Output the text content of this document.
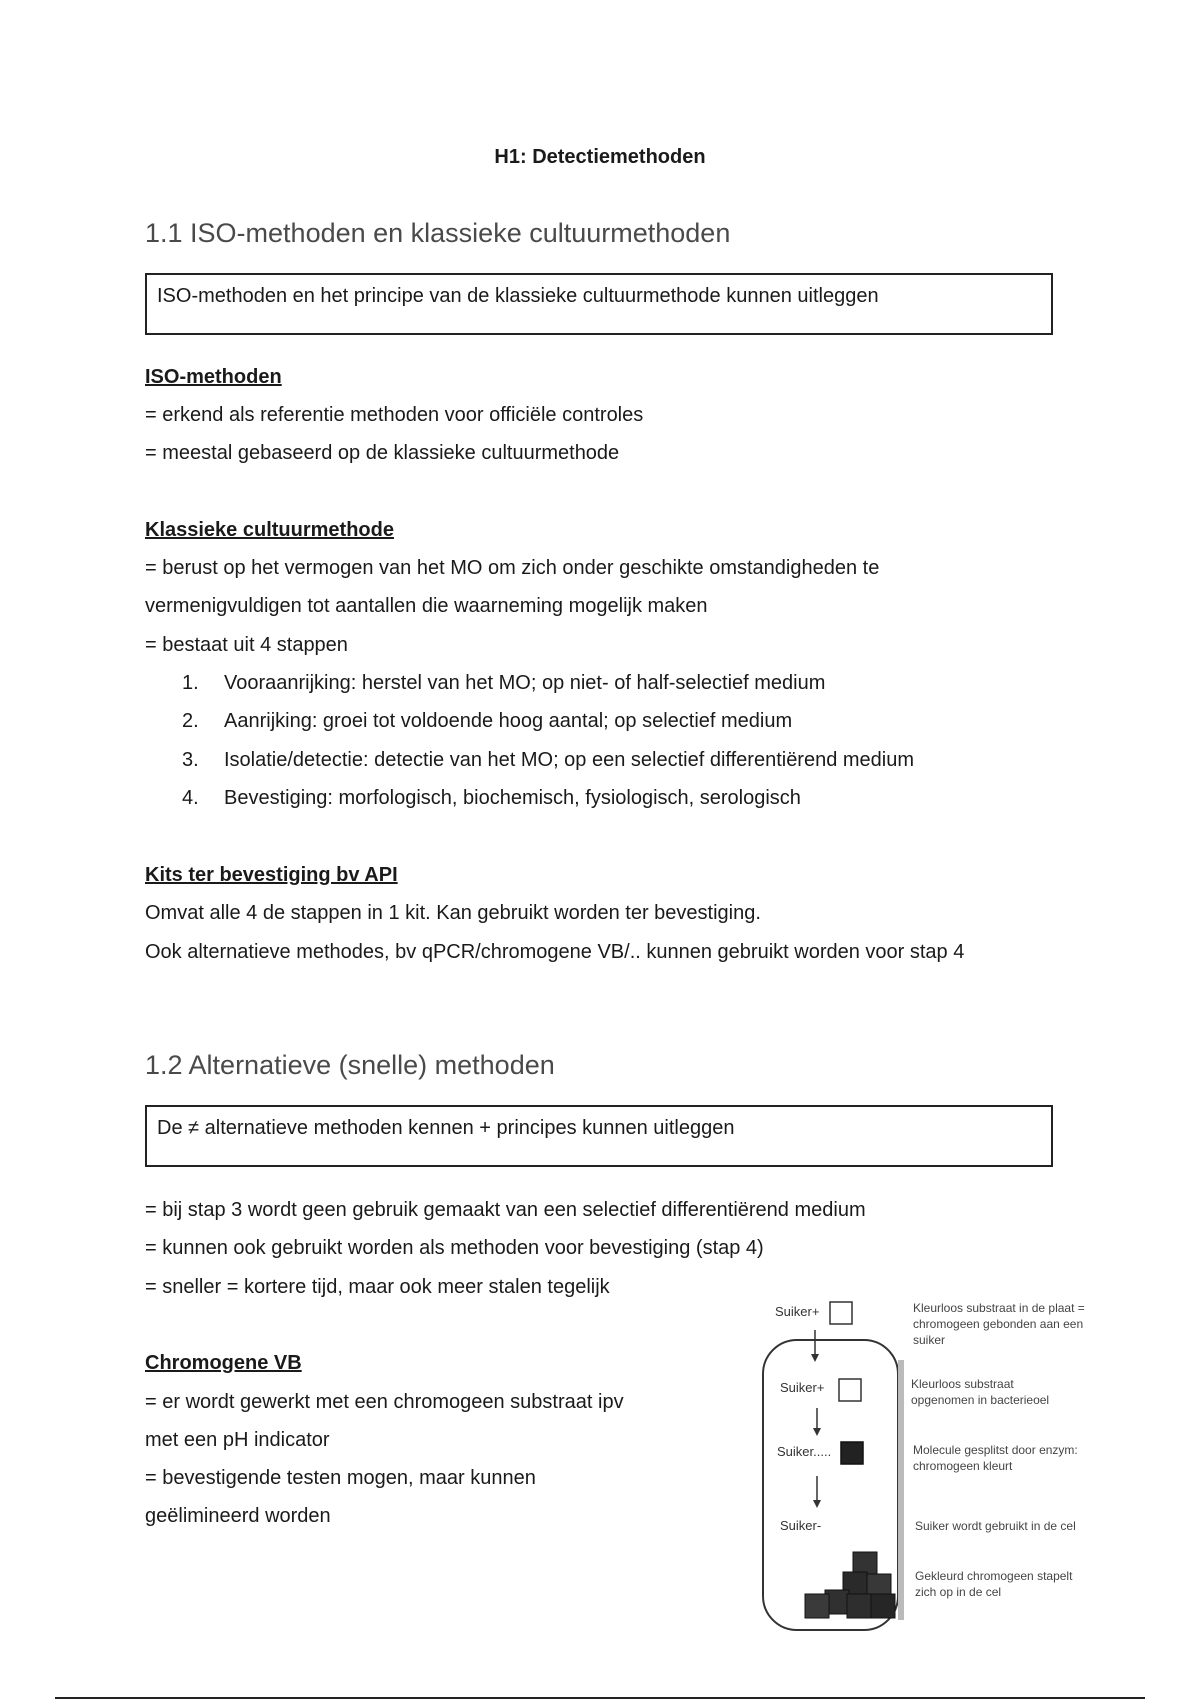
H1: Detectiemethoden
1.1 ISO-methoden en klassieke cultuurmethoden
ISO-methoden en het principe van de klassieke cultuurmethode kunnen uitleggen
ISO-methoden
= erkend als referentie methoden voor officiële controles
= meestal gebaseerd op de klassieke cultuurmethode
Klassieke cultuurmethode
= berust op het vermogen van het MO om zich onder geschikte omstandigheden te
vermenigvuldigen tot aantallen die waarneming mogelijk maken
= bestaat uit 4 stappen
1. Vooraanrijking: herstel van het MO; op niet- of half-selectief medium
2. Aanrijking: groei tot voldoende hoog aantal; op selectief medium
3. Isolatie/detectie: detectie van het MO; op een selectief differentiërend medium
4. Bevestiging: morfologisch, biochemisch, fysiologisch, serologisch
Kits ter bevestiging bv API
Omvat alle 4 de stappen in 1 kit. Kan gebruikt worden ter bevestiging.
Ook alternatieve methodes, bv qPCR/chromogene VB/.. kunnen gebruikt worden voor stap 4
1.2 Alternatieve (snelle) methoden
De ≠ alternatieve methoden kennen + principes kunnen uitleggen
= bij stap 3 wordt geen gebruik gemaakt van een selectief differentiërend medium
= kunnen ook gebruikt worden als methoden voor bevestiging (stap 4)
= sneller = kortere tijd, maar ook meer stalen tegelijk
Chromogene VB
= er wordt gewerkt met een chromogeen substraat ipv
met een pH indicator
= bevestigende testen mogen, maar kunnen
geëlimineerd worden
Suiker+
Suiker+
Suiker.....
Suiker-
Kleurloos substraat in de plaat =
chromogeen gebonden aan een
suiker
Kleurloos substraat
opgenomen in bacterieoel
Molecule gesplitst door enzym:
chromogeen kleurt
Suiker wordt gebruikt in de cel
Gekleurd chromogeen stapelt
zich op in de cel
